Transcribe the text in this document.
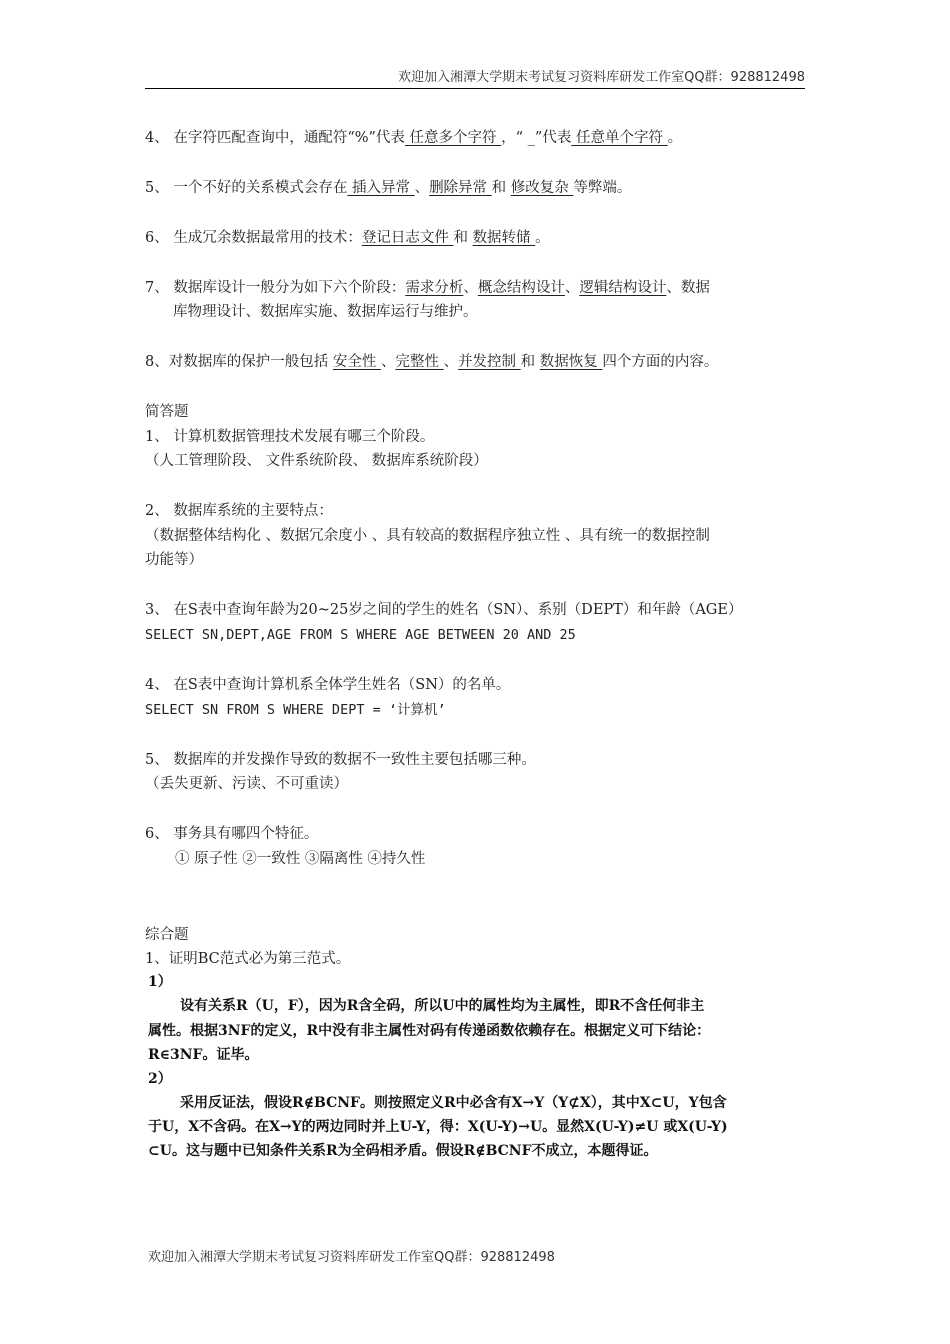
欢迎加入湘潭大学期末考试复习资料库研发工作室QQ群：928812498
4、 在字符匹配查询中，通配符“%”代表 任意多个字符 ，“ _”代表 任意单个字符 。
5、 一个不好的关系模式会存在 插入异常 、删除异常 和 修改复杂 等弊端。
6、 生成冗余数据最常用的技术：登记日志文件 和 数据转储 。
7、 数据库设计一般分为如下六个阶段：需求分析、概念结构设计、逻辑结构设计、数据
库物理设计、数据库实施、数据库运行与维护。
8、对数据库的保护一般包括 安全性 、完整性 、并发控制 和 数据恢复 四个方面的内容。
简答题
1、 计算机数据管理技术发展有哪三个阶段。
（人工管理阶段、 文件系统阶段、 数据库系统阶段）
2、 数据库系统的主要特点：
（数据整体结构化 、数据冗余度小 、具有较高的数据程序独立性 、具有统一的数据控制
功能等）
3、 在S表中查询年龄为20~25岁之间的学生的姓名（SN）、系别（DEPT）和年龄（AGE）
SELECT SN,DEPT,AGE FROM S WHERE AGE BETWEEN 20 AND 25
4、 在S表中查询计算机系全体学生姓名（SN）的名单。
SELECT SN FROM S WHERE DEPT = ‘计算机’
5、 数据库的并发操作导致的数据不一致性主要包括哪三种。
（丢失更新、污读、不可重读）
6、 事务具有哪四个特征。
① 原子性 ②一致性 ③隔离性 ④持久性
综合题
1、证明BC范式必为第三范式。
1）
设有关系R（U，F），因为R含全码，所以U中的属性均为主属性，即R不含任何非主
属性。根据3NF的定义，R中没有非主属性对码有传递函数依赖存在。根据定义可下结论：
R∈3NF。证毕。
2）
采用反证法，假设R∉BCNF。则按照定义R中必含有X→Y（Y⊄X），其中X⊂U，Y包含
于U，X不含码。在X→Y的两边同时并上U-Y，得：X(U-Y)→U。显然X(U-Y)≠U 或X(U-Y)
⊂U。这与题中已知条件关系R为全码相矛盾。假设R∉BCNF不成立，本题得证。
欢迎加入湘潭大学期末考试复习资料库研发工作室QQ群：928812498
